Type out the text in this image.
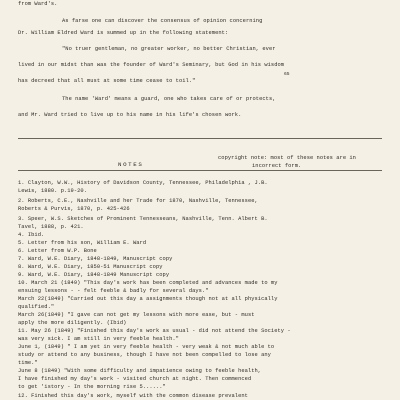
from Ward's.
As farse one can discover the consensus of opinion concerning
Dr. William Eldred Ward is summed up in the following statement:
"No truer gentleman, no greater worker, no better Christian, ever
lived in our midst than was the founder of Ward's Seminary, but God in his wisdom
65
has decreed that all must at some time cease to toil."
The name 'Ward' means a guard, one who takes care of or protects,
and Mr. Ward tried to live up to his name in his life's chosen work.
copyright note: most of these notes are in
incorrect form.
NOTES
1. Clayton, W.W., History of Davidson County, Tennessee, Philadelphia , J.B.
Lewis, 1880. p.19-20.
2. Roberts, C.E., Nashville and her Trade for 1870, Nashville, Tennessee,
Roberts & Purvis, 1870, p. 425-426
3. Speer, W.S. Sketches of Prominent Tennesseans, Nashville, Tenn. Albert B.
Tavel, 1888, p. 421.
4. Ibid.
5. Letter from his son, William E. Ward
6. Letter from W.P. Bone
7. Ward, W.E. Diary, 1848-1849, Manuscript copy
8. Ward, W.E. Diary, 1850-51 Manuscript copy
9. Ward, W.E. Diary, 1848-1849 Manuscript copy
10. March 21 (1849) "This day's work has been completed and advances made to my
ensuing lessons - - felt feeble & badly for several days."
March 22(1849) "Carried out this day a assignments though not at all physically
qualified."
March 26(1849) "I gave can not get my lessons with more ease, but - must
apply the more diligently. (Ibid)
11. May 26 (1849) "Finished this day's work as usual - did not attend the Society -
was very sick. I am still in very feeble health."
June 1, (1849) " I am yet in very feeble health - very weak & not much able to
study or attend to any business, though I have not been compelled to lose any
time."
June 8 (1849) "With some difficulty and impatience owing to feeble health,
I have finished my day's work - visited church at night. Then commenced
to get 'istory - In the morning rise 5......"
12. Finished this day's work, myself with the common disease prevalent
